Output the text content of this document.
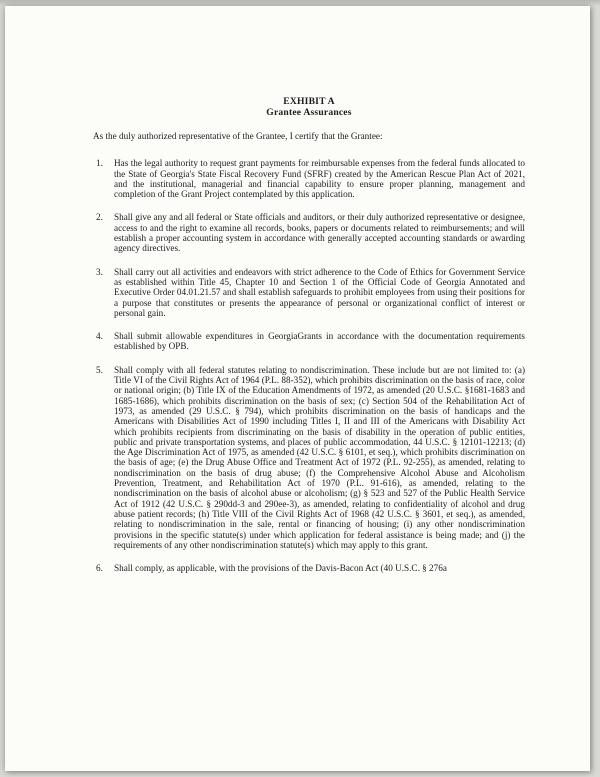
EXHIBIT A
Grantee Assurances
As the duly authorized representative of the Grantee, I certify that the Grantee:
1. Has the legal authority to request grant payments for reimbursable expenses from the federal funds allocated to the State of Georgia's State Fiscal Recovery Fund (SFRF) created by the American Rescue Plan Act of 2021, and the institutional, managerial and financial capability to ensure proper planning, management and completion of the Grant Project contemplated by this application.
2. Shall give any and all federal or State officials and auditors, or their duly authorized representative or designee, access to and the right to examine all records, books, papers or documents related to reimbursements; and will establish a proper accounting system in accordance with generally accepted accounting standards or awarding agency directives.
3. Shall carry out all activities and endeavors with strict adherence to the Code of Ethics for Government Service as established within Title 45, Chapter 10 and Section 1 of the Official Code of Georgia Annotated and Executive Order 04.01.21.57 and shall establish safeguards to prohibit employees from using their positions for a purpose that constitutes or presents the appearance of personal or organizational conflict of interest or personal gain.
4. Shall submit allowable expenditures in GeorgiaGrants in accordance with the documentation requirements established by OPB.
5. Shall comply with all federal statutes relating to nondiscrimination. These include but are not limited to: (a) Title VI of the Civil Rights Act of 1964 (P.L. 88-352), which prohibits discrimination on the basis of race, color or national origin; (b) Title IX of the Education Amendments of 1972, as amended (20 U.S.C. §1681-1683 and 1685-1686), which prohibits discrimination on the basis of sex; (c) Section 504 of the Rehabilitation Act of 1973, as amended (29 U.S.C. § 794), which prohibits discrimination on the basis of handicaps and the Americans with Disabilities Act of 1990 including Titles I, II and III of the Americans with Disability Act which prohibits recipients from discriminating on the basis of disability in the operation of public entities, public and private transportation systems, and places of public accommodation, 44 U.S.C. § 12101-12213; (d) the Age Discrimination Act of 1975, as amended (42 U.S.C. § 6101, et seq.), which prohibits discrimination on the basis of age; (e) the Drug Abuse Office and Treatment Act of 1972 (P.L. 92-255), as amended, relating to nondiscrimination on the basis of drug abuse; (f) the Comprehensive Alcohol Abuse and Alcoholism Prevention, Treatment, and Rehabilitation Act of 1970 (P.L. 91-616), as amended, relating to the nondiscrimination on the basis of alcohol abuse or alcoholism; (g) § 523 and 527 of the Public Health Service Act of 1912 (42 U.S.C. § 290dd-3 and 290ee-3), as amended, relating to confidentiality of alcohol and drug abuse patient records; (h) Title VIII of the Civil Rights Act of 1968 (42 U.S.C. § 3601, et seq.), as amended, relating to nondiscrimination in the sale, rental or financing of housing; (i) any other nondiscrimination provisions in the specific statute(s) under which application for federal assistance is being made; and (j) the requirements of any other nondiscrimination statute(s) which may apply to this grant.
6. Shall comply, as applicable, with the provisions of the Davis-Bacon Act (40 U.S.C. § 276a
